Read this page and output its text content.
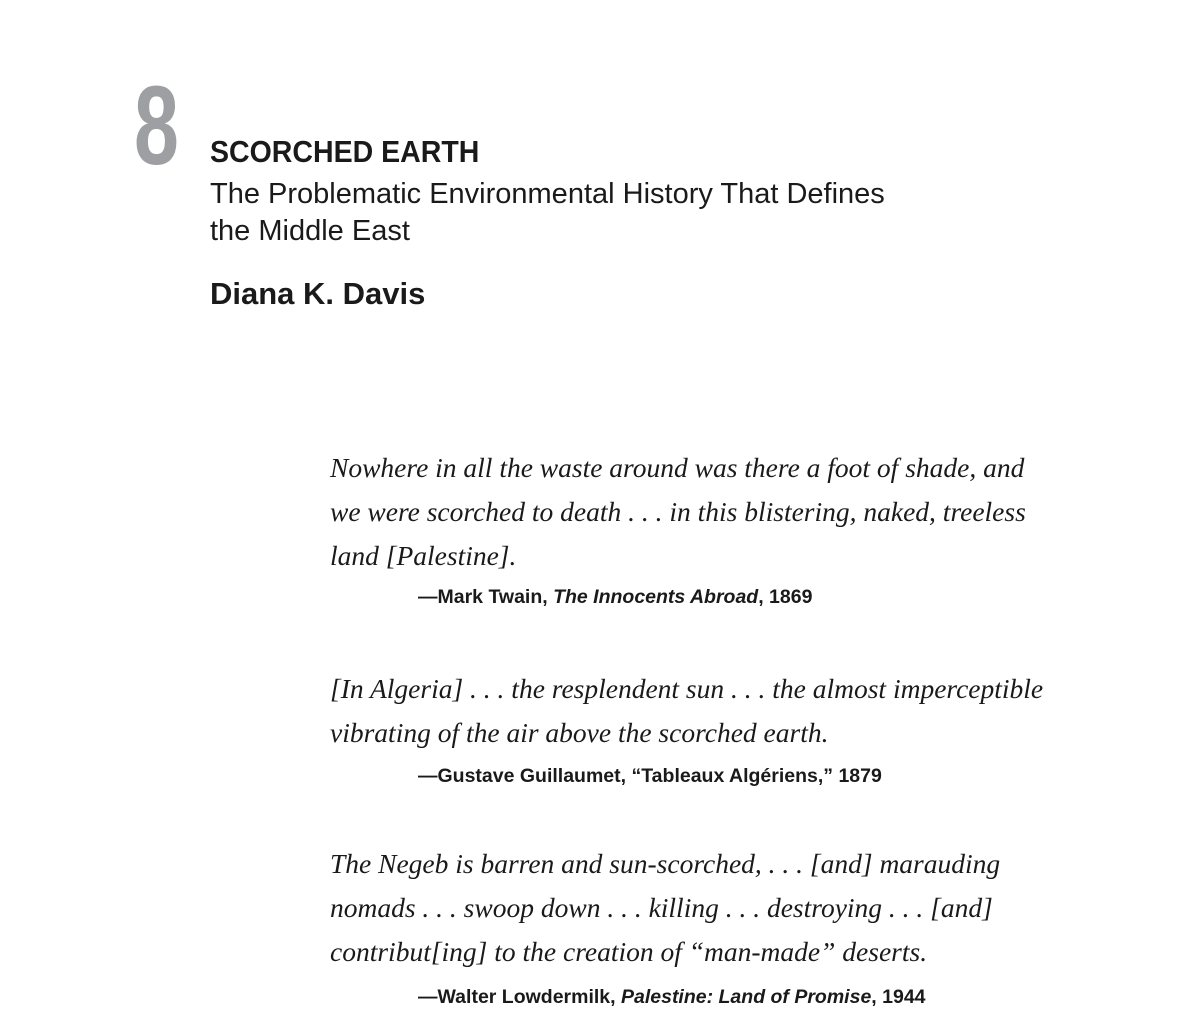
8 SCORCHED EARTH
The Problematic Environmental History That Defines
the Middle East
Diana K. Davis

Nowhere in all the waste around was there a foot of shade, and
we were scorched to death . . . in this blistering, naked, treeless
land [Palestine].

—Mark Twain, The Innocents Abroad, 1869

[In Algeria] . . . the resplendent sun . . . the almost imperceptible
vibrating of the air above the scorched earth.

—Gustave Guillaumet, “Tableaux Algériens,” 1879

The Negeb is barren and sun-scorched, . . . [and] marauding
nomads . . . swoop down . . . killing . . . destroying . . . [and]
contribut[ing] to the creation of “man-made” deserts.

—Walter Lowdermilk, Palestine: Land of Promise, 1944
